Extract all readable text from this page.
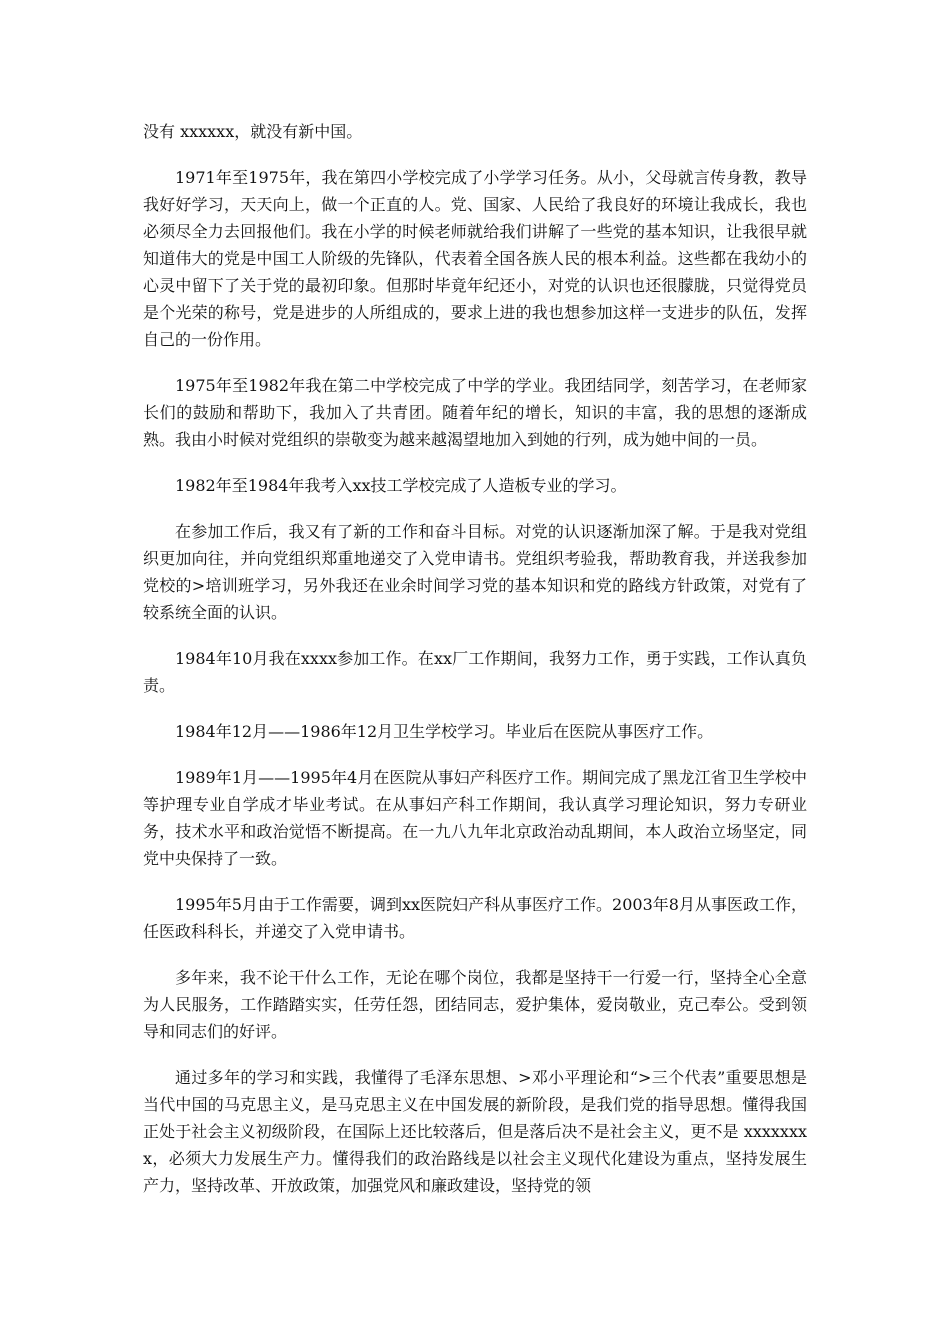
没有 xxxxxx，就没有新中国。

1971年至1975年，我在第四小学校完成了小学学习任务。从小，父母就言传身教，教导我好好学习，天天向上，做一个正直的人。党、国家、人民给了我良好的环境让我成长，我也必须尽全力去回报他们。我在小学的时候老师就给我们讲解了一些党的基本知识，让我很早就知道伟大的党是中国工人阶级的先锋队，代表着全国各族人民的根本利益。这些都在我幼小的心灵中留下了关于党的最初印象。但那时毕竟年纪还小，对党的认识也还很朦胧，只觉得党员是个光荣的称号，党是进步的人所组成的，要求上进的我也想参加这样一支进步的队伍，发挥自己的一份作用。

1975年至1982年我在第二中学校完成了中学的学业。我团结同学，刻苦学习，在老师家长们的鼓励和帮助下，我加入了共青团。随着年纪的增长，知识的丰富，我的思想的逐渐成熟。我由小时候对党组织的崇敬变为越来越渴望地加入到她的行列，成为她中间的一员。

1982年至1984年我考入xx技工学校完成了人造板专业的学习。

在参加工作后，我又有了新的工作和奋斗目标。对党的认识逐渐加深了解。于是我对党组织更加向往，并向党组织郑重地递交了入党申请书。党组织考验我，帮助教育我，并送我参加党校的>培训班学习，另外我还在业余时间学习党的基本知识和党的路线方针政策，对党有了较系统全面的认识。

1984年10月我在xxxx参加工作。在xx厂工作期间，我努力工作，勇于实践，工作认真负责。

1984年12月——1986年12月卫生学校学习。毕业后在医院从事医疗工作。

1989年1月——1995年4月在医院从事妇产科医疗工作。期间完成了黑龙江省卫生学校中等护理专业自学成才毕业考试。在从事妇产科工作期间，我认真学习理论知识，努力专研业务，技术水平和政治觉悟不断提高。在一九八九年北京政治动乱期间，本人政治立场坚定，同党中央保持了一致。

1995年5月由于工作需要，调到xx医院妇产科从事医疗工作。2003年8月从事医政工作，任医政科科长，并递交了入党申请书。

多年来，我不论干什么工作，无论在哪个岗位，我都是坚持干一行爱一行，坚持全心全意为人民服务，工作踏踏实实，任劳任怨，团结同志，爱护集体，爱岗敬业，克己奉公。受到领导和同志们的好评。

通过多年的学习和实践，我懂得了毛泽东思想、>邓小平理论和“>三个代表”重要思想是当代中国的马克思主义，是马克思主义在中国发展的新阶段，是我们党的指导思想。懂得我国正处于社会主义初级阶段，在国际上还比较落后，但是落后决不是社会主义，更不是 xxxxxxxx，必须大力发展生产力。懂得我们的政治路线是以社会主义现代化建设为重点，坚持发展生产力，坚持改革、开放政策，加强党风和廉政建设，坚持党的领
